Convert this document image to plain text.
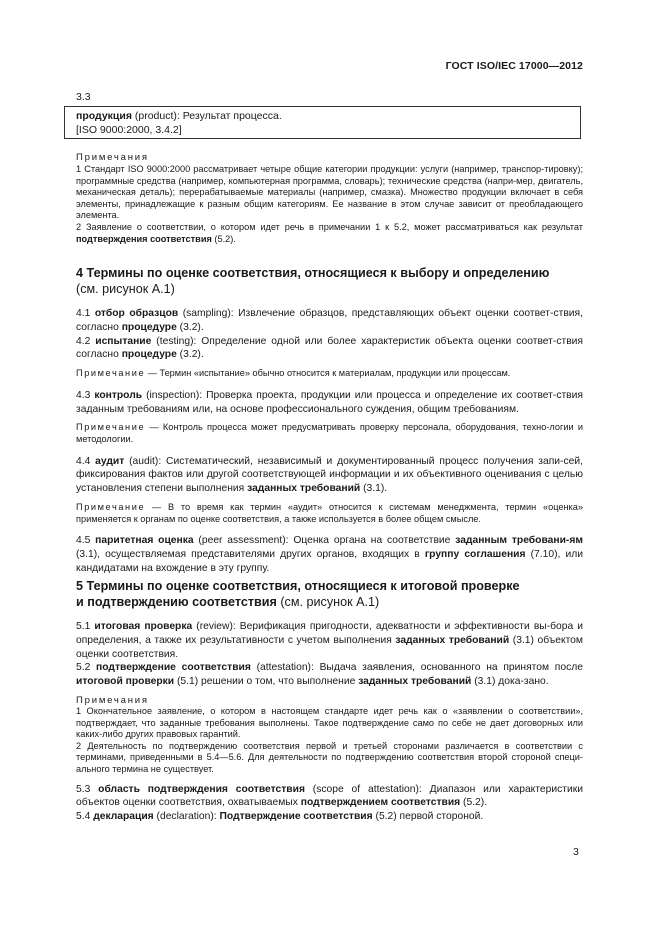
ГОСТ ISO/IEC 17000—2012
3.3
продукция (product): Результат процесса.
[ISO 9000:2000, 3.4.2]
Примечания

1 Стандарт ISO 9000:2000 рассматривает четыре общие категории продукции: услуги (например, транспор-тировку); программные средства (например, компьютерная программа, словарь); технические средства (напри-мер, двигатель, механическая деталь); перерабатываемые материалы (например, смазка). Множество продукции включает в себя элементы, принадлежащие к разным общим категориям. Ее название в этом случае зависит от преобладающего элемента.

2 Заявление о соответствии, о котором идет речь в примечании 1 к 5.2, может рассматриваться как результат подтверждения соответствия (5.2).

4 Термины по оценке соответствия, относящиеся к выбору и определению
(см. рисунок А.1)

4.1 отбор образцов (sampling): Извлечение образцов, представляющих объект оценки соответ-ствия, согласно процедуре (3.2).

4.2 испытание (testing): Определение одной или более характеристик объекта оценки соответ-ствия согласно процедуре (3.2).

Примечание — Термин «испытание» обычно относится к материалам, продукции или процессам.

4.3 контроль (inspection): Проверка проекта, продукции или процесса и определение их соответ-ствия заданным требованиям или, на основе профессионального суждения, общим требованиям.

Примечание — Контроль процесса может предусматривать проверку персонала, оборудования, техно-логии и методологии.

4.4 аудит (audit): Систематический, независимый и документированный процесс получения запи-сей, фиксирования фактов или другой соответствующей информации и их объективного оценивания с целью установления степени выполнения заданных требований (3.1).

Примечание — В то время как термин «аудит» относится к системам менеджмента, термин «оценка» применяется к органам по оценке соответствия, а также используется в более общем смысле.

4.5 паритетная оценка (peer assessment): Оценка органа на соответствие заданным требовани-ям (3.1), осуществляемая представителями других органов, входящих в группу соглашения (7.10), или кандидатами на вхождение в эту группу.

5 Термины по оценке соответствия, относящиеся к итоговой проверке
и подтверждению соответствия (см. рисунок А.1)

5.1 итоговая проверка (review): Верификация пригодности, адекватности и эффективности вы-бора и определения, а также их результативности с учетом выполнения заданных требований (3.1) объектом оценки соответствия.

5.2 подтверждение соответствия (attestation): Выдача заявления, основанного на принятом после итоговой проверки (5.1) решении о том, что выполнение заданных требований (3.1) дока-зано.

Примечания

1 Окончательное заявление, о котором в настоящем стандарте идет речь как о «заявлении о соответствии», подтверждает, что заданные требования выполнены. Такое подтверждение само по себе не дает договорных или каких-либо других правовых гарантий.

2 Деятельность по подтверждению соответствия первой и третьей сторонами различается в соответствии с терминами, приведенными в 5.4—5.6. Для деятельности по подтверждению соответствия второй стороной специ-ального термина не существует.

5.3 область подтверждения соответствия (scope of attestation): Диапазон или характеристики объектов оценки соответствия, охватываемых подтверждением соответствия (5.2).

5.4 декларация (declaration): Подтверждение соответствия (5.2) первой стороной.

3
